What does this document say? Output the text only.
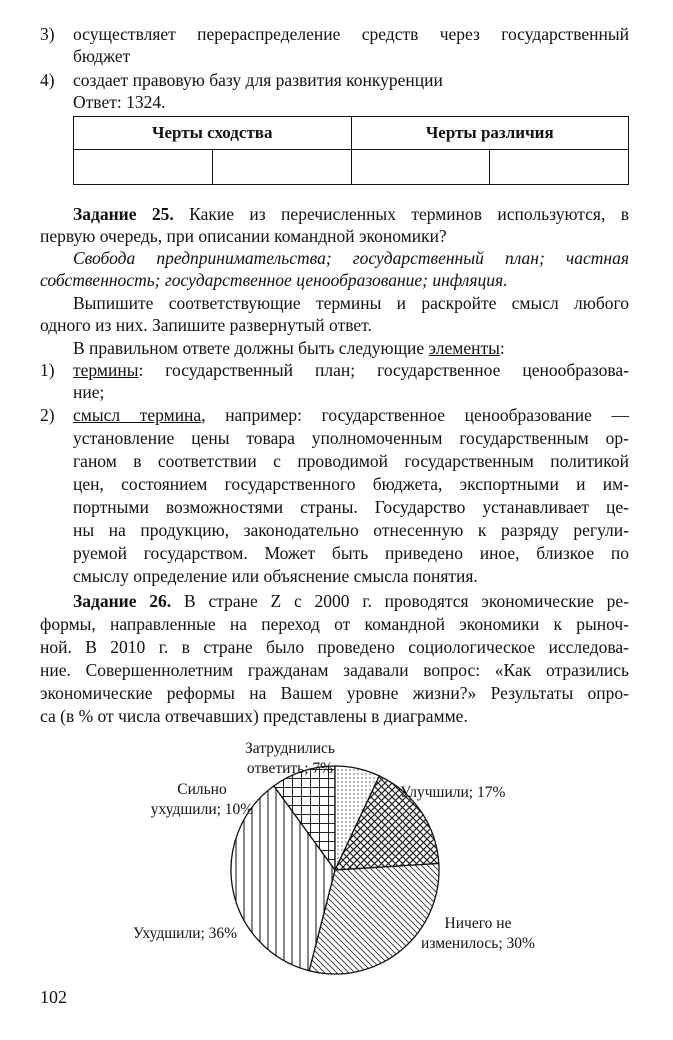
3) осуществляет перераспределение средств через государственный
бюджет
4) создает правовую базу для развития конкуренции
Ответ: 1324.
Черты сходства		Черты различия	

Задание 25. Какие из перечисленных терминов используются, в
первую очередь, при описании командной экономики?
Свобода предпринимательства; государственный план; частная
собственность; государственное ценообразование; инфляция.
Выпишите соответствующие термины и раскройте смысл любого
одного из них. Запишите развернутый ответ.
В правильном ответе должны быть следующие элементы:
1) термины: государственный план; государственное ценообразова-
ние;
2) смысл термина, например: государственное ценообразование —
установление цены товара уполномоченным государственным ор-
ганом в соответствии с проводимой государственным политикой
цен, состоянием государственного бюджета, экспортными и им-
портными возможностями страны. Государство устанавливает це-
ны на продукцию, законодательно отнесенную к разряду регули-
руемой государством. Может быть приведено иное, близкое по
смыслу определение или объяснение смысла понятия.
Задание 26. В стране Z с 2000 г. проводятся экономические ре-
формы, направленные на переход от командной экономики к рыноч-
ной. В 2010 г. в стране было проведено социологическое исследова-
ние. Совершеннолетним гражданам задавали вопрос: «Как отразились
экономические реформы на Вашем уровне жизни?» Результаты опро-
са (в % от числа отвечавших) представлены в диаграмме.
Улучшили; 17%
Ничего не изменилось; 30%
Ухудшили; 36%
Сильно ухудшили; 10%
Затруднились ответить; 7%
102
